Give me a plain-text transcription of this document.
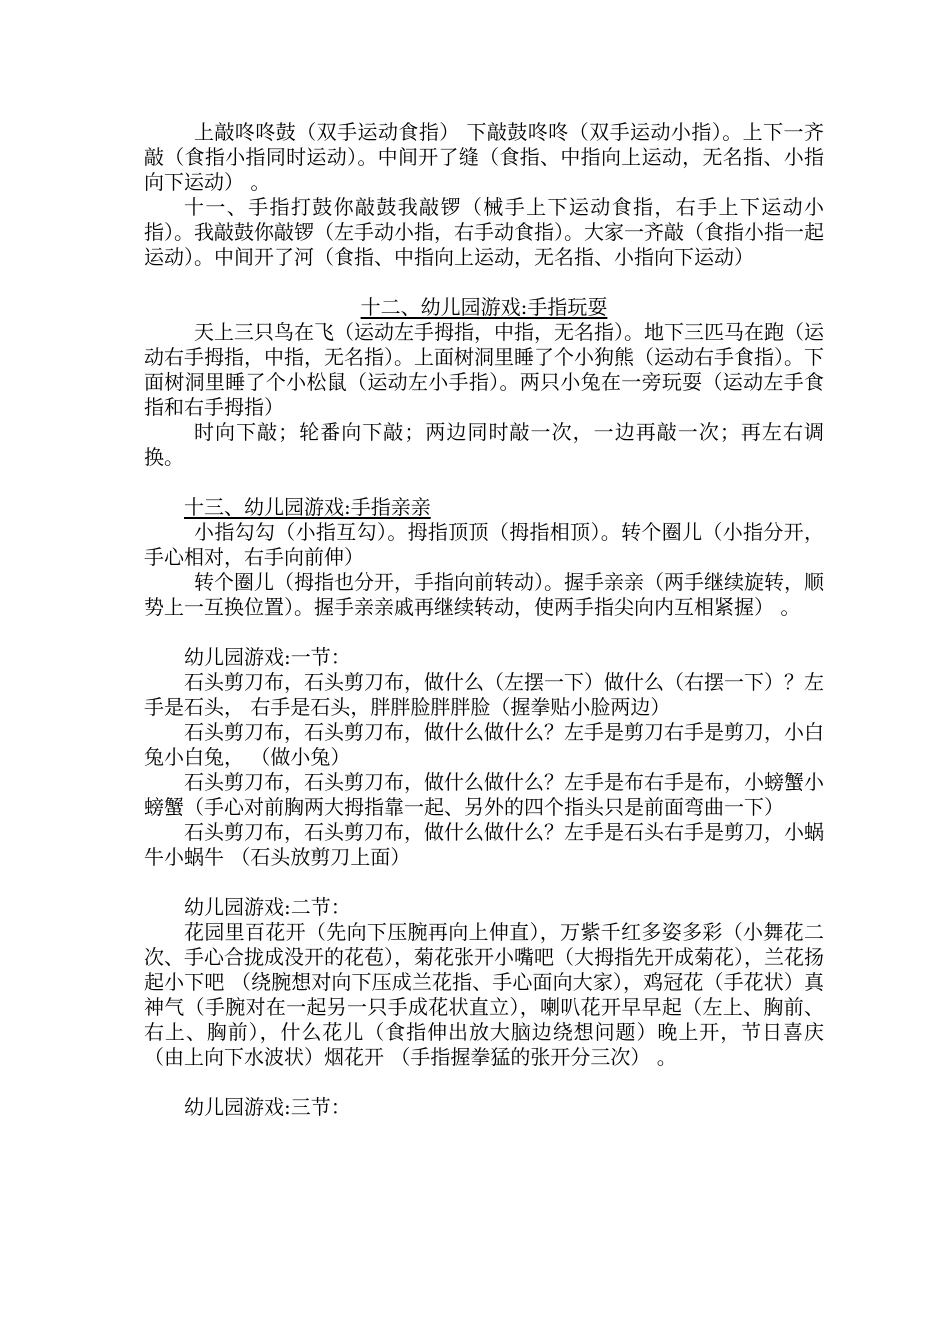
上敲咚咚鼓（双手运动食指） 下敲鼓咚咚（双手运动小指）。上下一齐敲（食指小指同时运动）。中间开了缝（食指、中指向上运动，无名指、小指向下运动） 。

十一、手指打鼓你敲鼓我敲锣（械手上下运动食指，右手上下运动小指）。我敲鼓你敲锣（左手动小指，右手动食指）。大家一齐敲（食指小指一起运动）。中间开了河（食指、中指向上运动，无名指、小指向下运动）

十二、幼儿园游戏:手指玩耍

天上三只鸟在飞（运动左手拇指，中指，无名指）。地下三匹马在跑（运动右手拇指，中指，无名指）。上面树洞里睡了个小狗熊（运动右手食指）。下面树洞里睡了个小松鼠（运动左小手指）。两只小兔在一旁玩耍（运动左手食指和右手拇指）

时向下敲；轮番向下敲；两边同时敲一次，一边再敲一次；再左右调换。

十三、幼儿园游戏:手指亲亲

小指勾勾（小指互勾）。拇指顶顶（拇指相顶）。转个圈儿（小指分开，手心相对，右手向前伸）

转个圈儿（拇指也分开，手指向前转动）。握手亲亲（两手继续旋转，顺势上一互换位置）。握手亲亲戚再继续转动，使两手指尖向内互相紧握） 。

幼儿园游戏:一节：

石头剪刀布，石头剪刀布，做什么（左摆一下）做什么（右摆一下）？左手是石头， 右手是石头，胖胖脸胖胖脸（握拳贴小脸两边）

石头剪刀布，石头剪刀布，做什么做什么？左手是剪刀右手是剪刀，小白兔小白兔， （做小兔）

石头剪刀布，石头剪刀布，做什么做什么？左手是布右手是布，小螃蟹小螃蟹（手心对前胸两大拇指靠一起、另外的四个指头只是前面弯曲一下）

石头剪刀布，石头剪刀布，做什么做什么？左手是石头右手是剪刀，小蜗牛小蜗牛 （石头放剪刀上面）

幼儿园游戏:二节：

花园里百花开（先向下压腕再向上伸直），万紫千红多姿多彩（小舞花二次、手心合拢成没开的花苞），菊花张开小嘴吧（大拇指先开成菊花），兰花扬起小下吧 （绕腕想对向下压成兰花指、手心面向大家），鸡冠花（手花状）真神气（手腕对在一起另一只手成花状直立），喇叭花开早早起（左上、胸前、右上、胸前），什么花儿（食指伸出放大脑边绕想问题）晚上开，节日喜庆（由上向下水波状）烟花开 （手指握拳猛的张开分三次） 。

幼儿园游戏:三节：
